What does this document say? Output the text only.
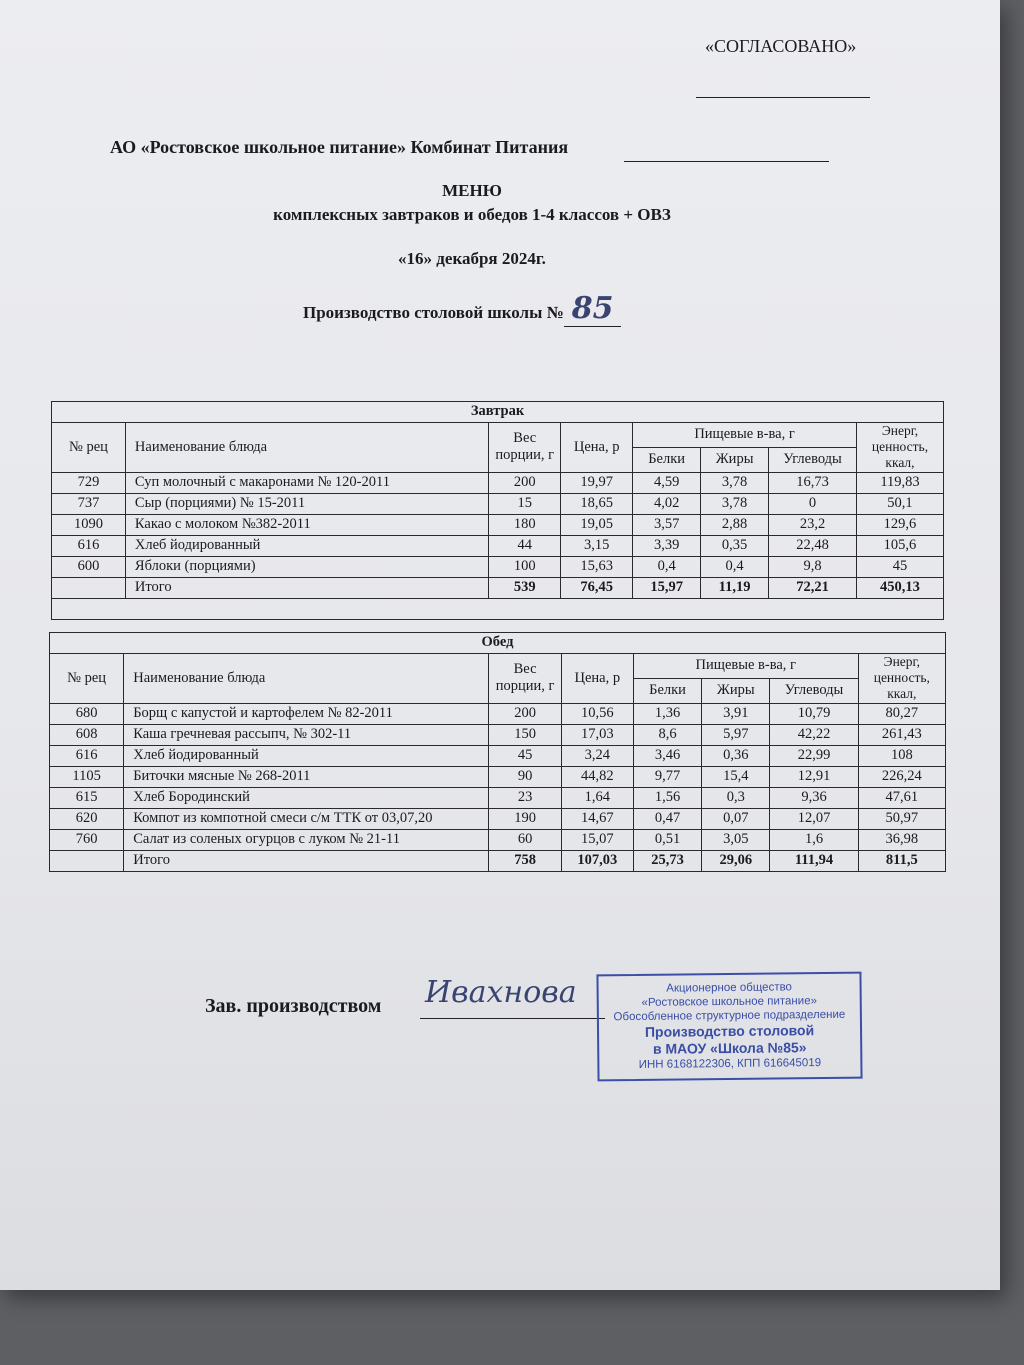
«СОГЛАСОВАНО»
АО «Ростовское школьное питание» Комбинат Питания
МЕНЮ
комплексных завтраков и обедов 1-4 классов + ОВЗ
«16» декабря 2024г.
Производство столовой школы № 85
Завтрак							
№ рец	Наименование блюда	Вес порции, г	Цена, р	Пищевые в-ва, г			Энерг, ценность, ккал,
				Белки	Жиры	Углеводы	
729	Суп молочный с макаронами № 120-2011	200	19,97	4,59	3,78	16,73	119,83
737	Сыр (порциями) № 15-2011	15	18,65	4,02	3,78	0	50,1
1090	Какао с молоком №382-2011	180	19,05	3,57	2,88	23,2	129,6
616	Хлеб йодированный	44	3,15	3,39	0,35	22,48	105,6
600	Яблоки (порциями)	100	15,63	0,4	0,4	9,8	45
	Итого	539	76,45	15,97	11,19	72,21	450,13

Обед							
№ рец	Наименование блюда	Вес порции, г	Цена, р	Пищевые в-ва, г			Энерг, ценность, ккал,
				Белки	Жиры	Углеводы	
680	Борщ с капустой и картофелем № 82-2011	200	10,56	1,36	3,91	10,79	80,27
608	Каша гречневая рассыпч, № 302-11	150	17,03	8,6	5,97	42,22	261,43
616	Хлеб йодированный	45	3,24	3,46	0,36	22,99	108
1105	Биточки мясные № 268-2011	90	44,82	9,77	15,4	12,91	226,24
615	Хлеб Бородинский	23	1,64	1,56	0,3	9,36	47,61
620	Компот из компотной смеси с/м ТТК от 03,07,20	190	14,67	0,47	0,07	12,07	50,97
760	Салат из соленых огурцов с луком № 21-11	60	15,07	0,51	3,05	1,6	36,98
	Итого	758	107,03	25,73	29,06	111,94	811,5
Зав. производством Ивахнова	Акционерное общество
«Ростовское школьное питание»
Обособленное структурное подразделение
Производство столовой
в МАОУ «Школа №85»
ИНН 6168122306, КПП 616645019
